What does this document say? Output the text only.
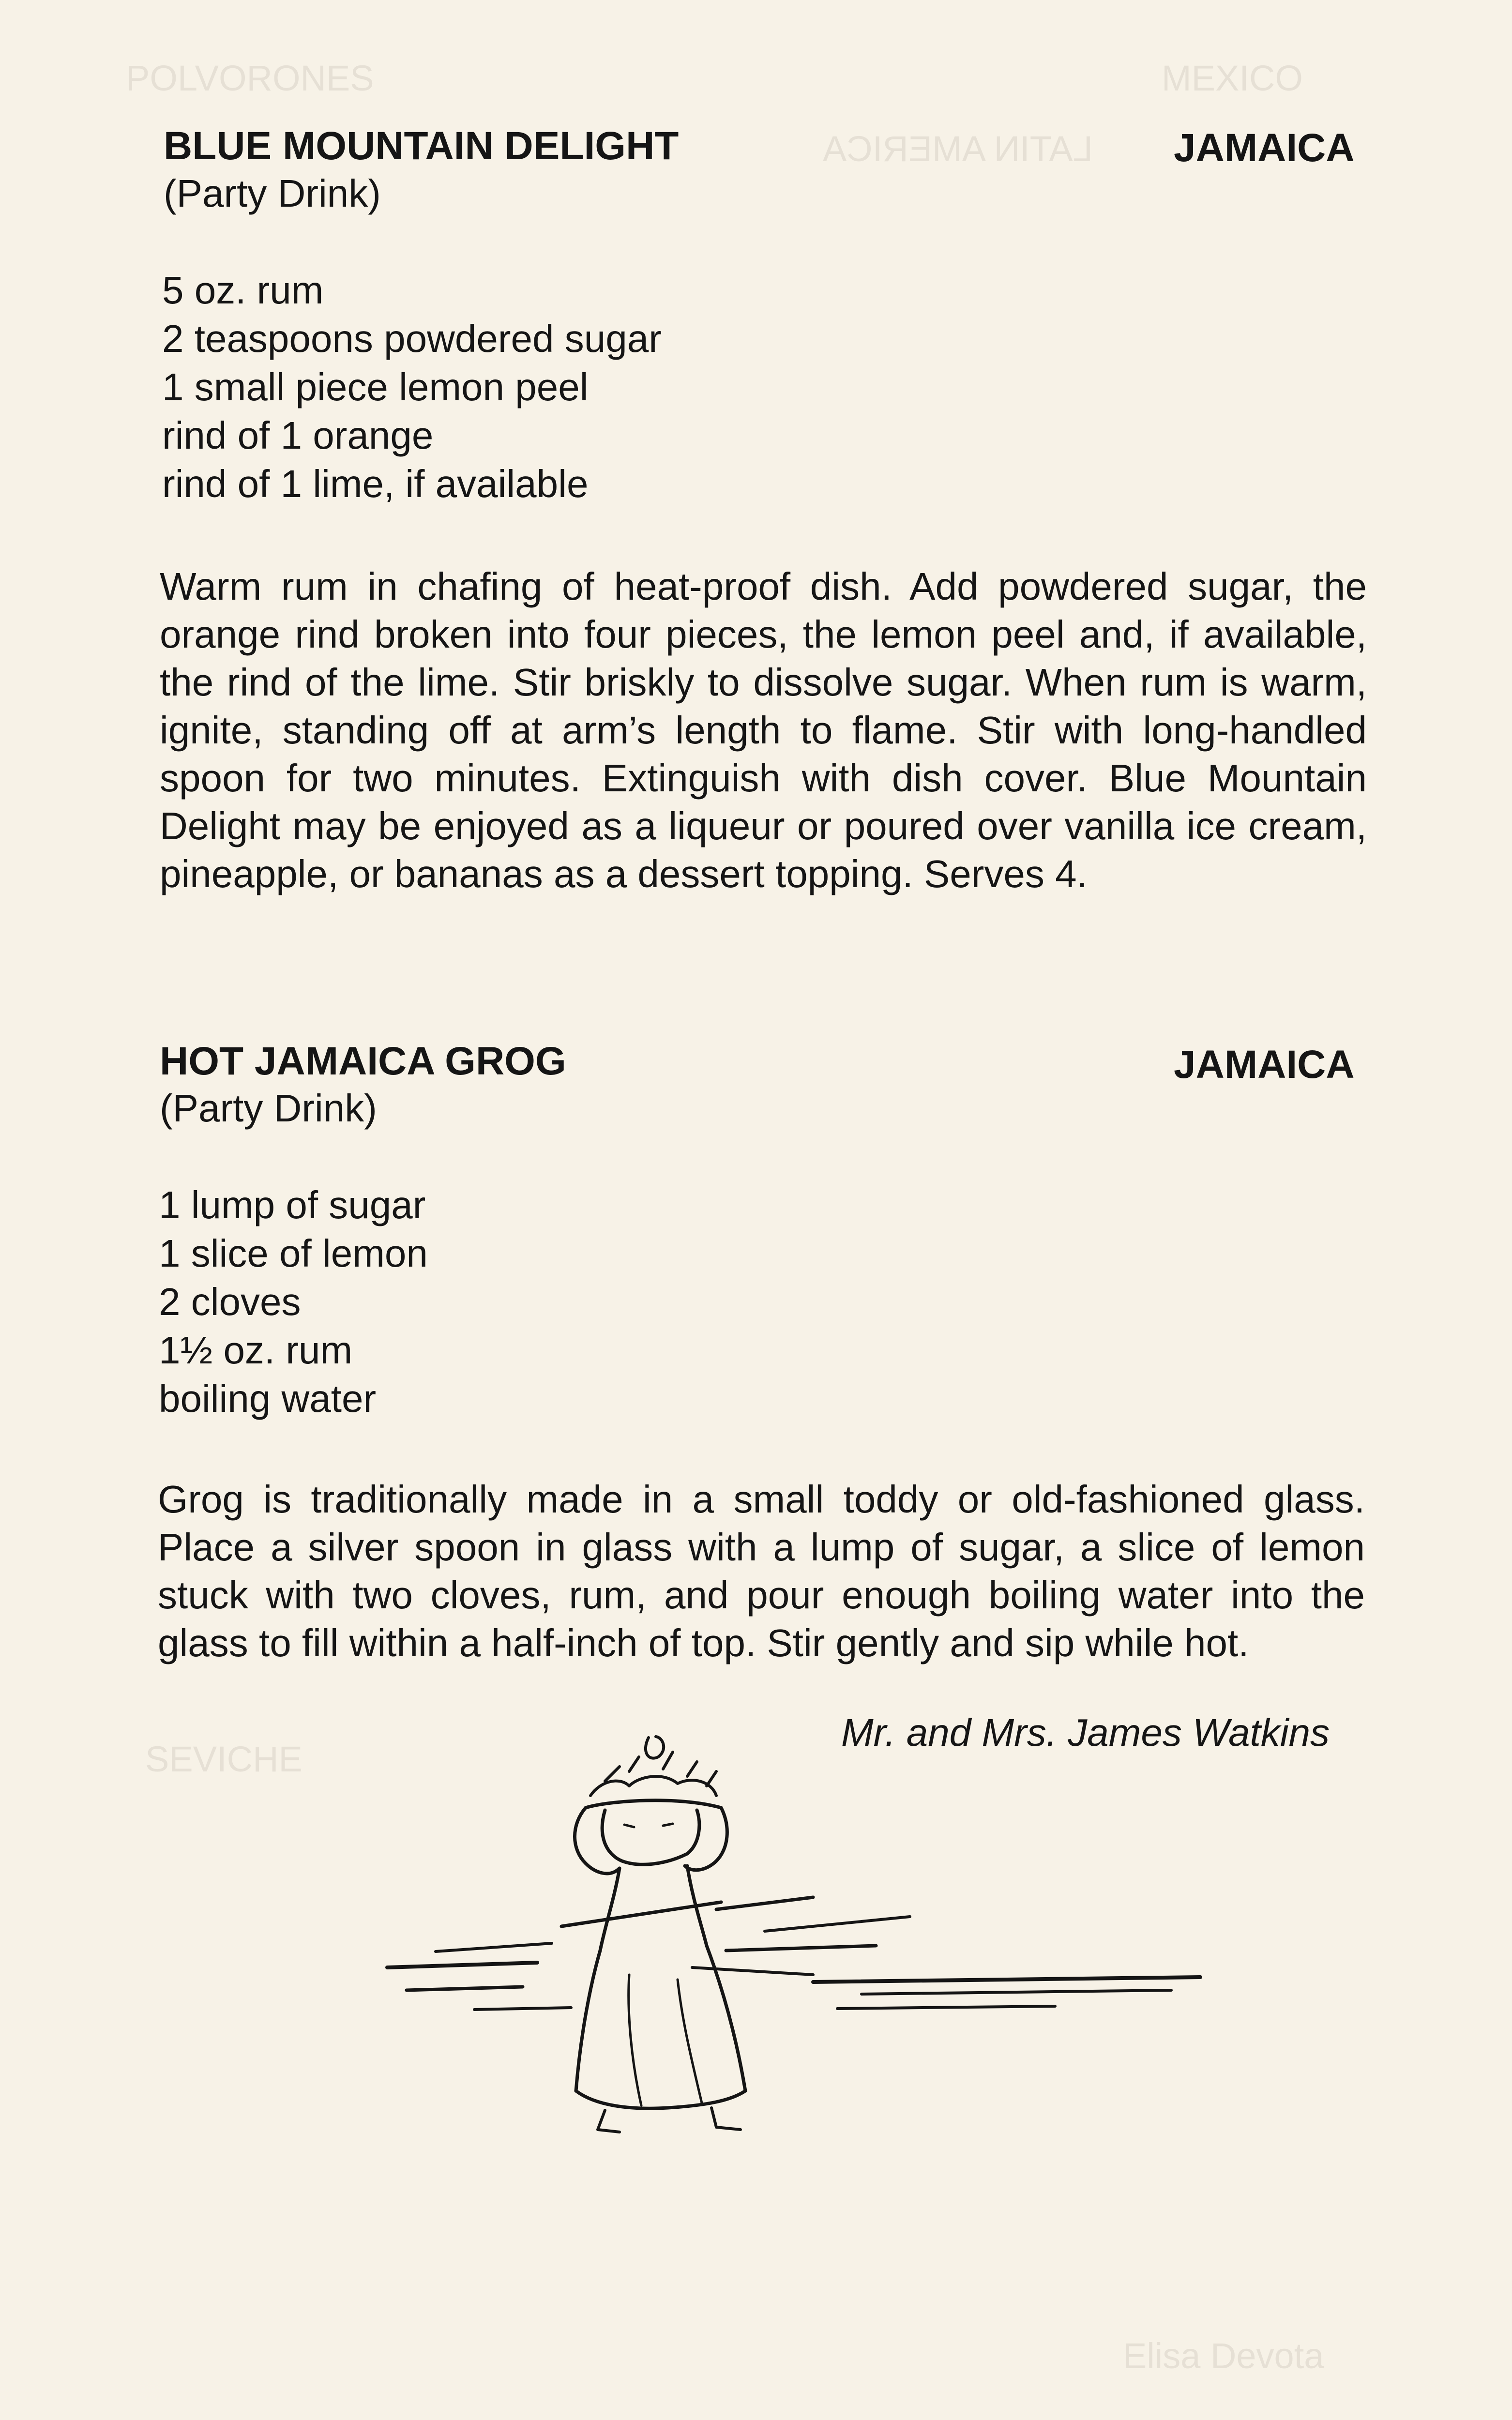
POLVORONES	MEXICO
LATIN AMERICA
SEVICHE
Elisa Devota
BLUE MOUNTAIN DELIGHT	JAMAICA
(Party Drink)
5 oz. rum
2 teaspoons powdered sugar
1 small piece lemon peel
rind of 1 orange
rind of 1 lime, if available
Warm rum in chafing of heat-proof dish. Add powdered sugar, the orange rind broken into four pieces, the lemon peel and, if available, the rind of the lime. Stir briskly to dissolve sugar. When rum is warm, ignite, standing off at arm’s length to flame. Stir with long-handled spoon for two minutes. Extinguish with dish cover. Blue Mountain Delight may be enjoyed as a liqueur or poured over vanilla ice cream, pineapple, or bananas as a dessert topping. Serves 4.
HOT JAMAICA GROG	JAMAICA
(Party Drink)
1 lump of sugar
1 slice of lemon
2 cloves
1½ oz. rum
boiling water
Grog is traditionally made in a small toddy or old-fashioned glass. Place a silver spoon in glass with a lump of sugar, a slice of lemon stuck with two cloves, rum, and pour enough boiling water into the glass to fill within a half-inch of top. Stir gently and sip while hot.
Mr. and Mrs. James Watkins
